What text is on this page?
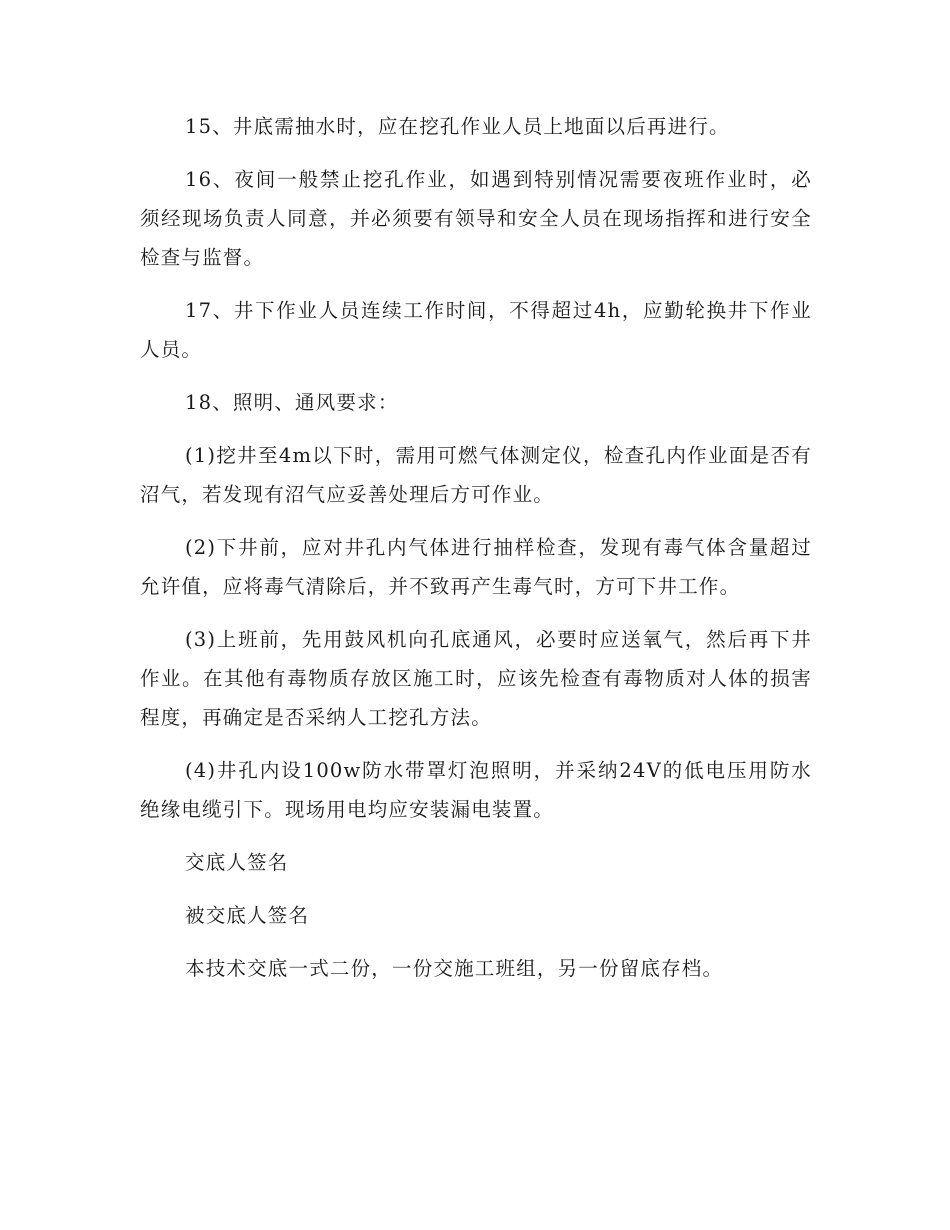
15、井底需抽水时，应在挖孔作业人员上地面以后再进行。

16、夜间一般禁止挖孔作业，如遇到特别情况需要夜班作业时，必须经现场负责人同意，并必须要有领导和安全人员在现场指挥和进行安全检查与监督。

17、井下作业人员连续工作时间，不得超过4h，应勤轮换井下作业人员。

18、照明、通风要求：

(1)挖井至4m以下时，需用可燃气体测定仪，检查孔内作业面是否有沼气，若发现有沼气应妥善处理后方可作业。

(2)下井前，应对井孔内气体进行抽样检查，发现有毒气体含量超过允许值，应将毒气清除后，并不致再产生毒气时，方可下井工作。

(3)上班前，先用鼓风机向孔底通风，必要时应送氧气，然后再下井作业。在其他有毒物质存放区施工时，应该先检查有毒物质对人体的损害程度，再确定是否采纳人工挖孔方法。

(4)井孔内设100w防水带罩灯泡照明，并采纳24V的低电压用防水绝缘电缆引下。现场用电均应安装漏电装置。

交底人签名

被交底人签名

本技术交底一式二份，一份交施工班组，另一份留底存档。
